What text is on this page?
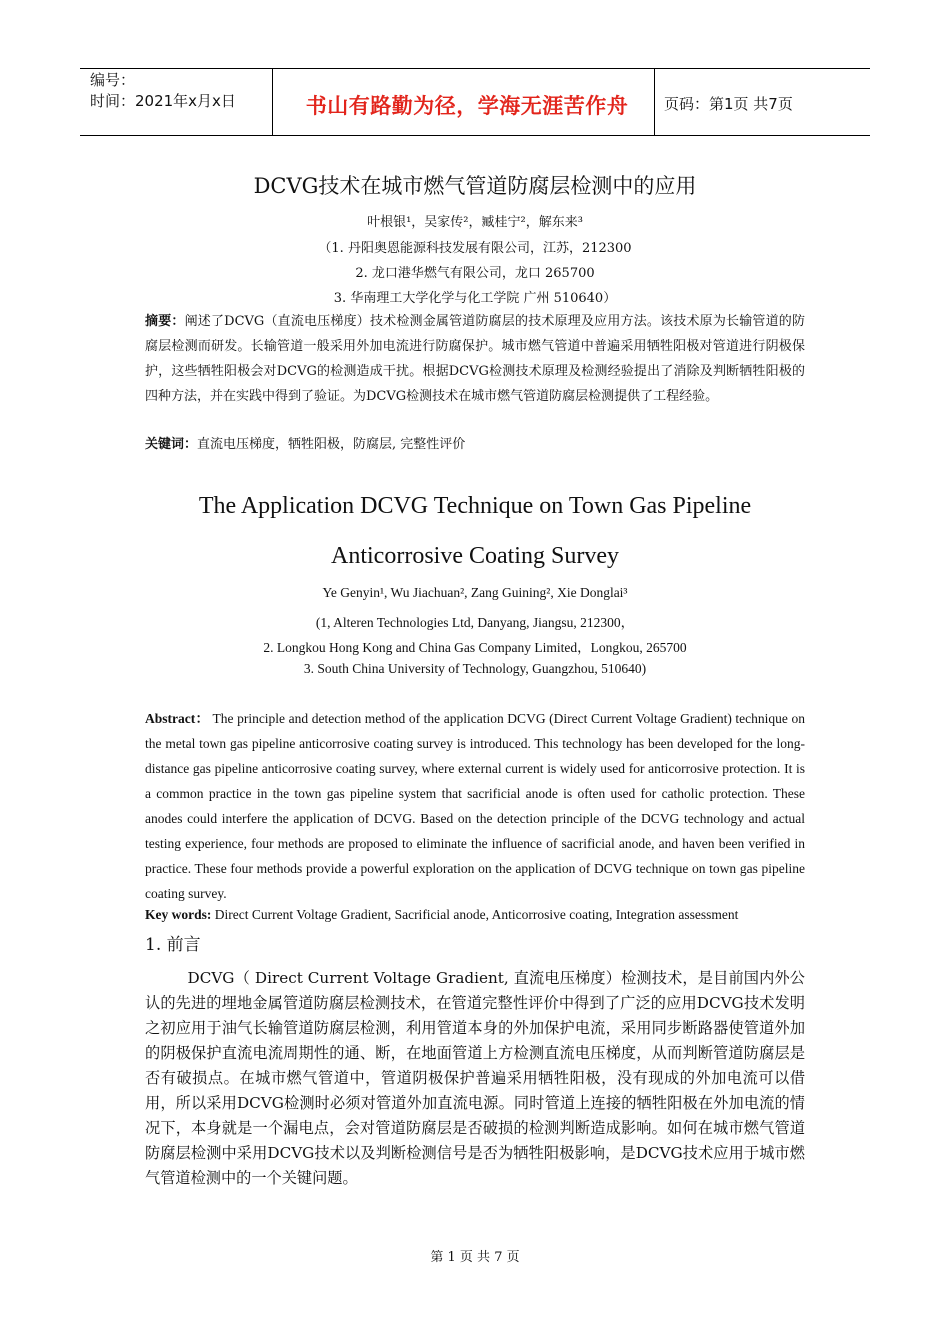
编号：
时间：2021年x月x日	书山有路勤为径，学海无涯苦作舟	页码：第1页 共7页
DCVG技术在城市燃气管道防腐层检测中的应用
叶根银¹，吴家传²，臧桂宁²，解东来³
（1. 丹阳奥恩能源科技发展有限公司，江苏，212300
2. 龙口港华燃气有限公司，龙口 265700
3. 华南理工大学化学与化工学院 广州 510640）
摘要：阐述了DCVG（直流电压梯度）技术检测金属管道防腐层的技术原理及应用方法。该技术原为长输管道的防腐层检测而研发。长输管道一般采用外加电流进行防腐保护。城市燃气管道中普遍采用牺牲阳极对管道进行阴极保护，这些牺牲阳极会对DCVG的检测造成干扰。根据DCVG检测技术原理及检测经验提出了消除及判断牺牲阳极的四种方法，并在实践中得到了验证。为DCVG检测技术在城市燃气管道防腐层检测提供了工程经验。
关键词：直流电压梯度，牺牲阳极，防腐层, 完整性评价
The Application DCVG Technique on Town Gas Pipeline
Anticorrosive Coating Survey
Ye Genyin¹, Wu Jiachuan², Zang Guining², Xie Donglai³
(1, Alteren Technologies Ltd, Danyang, Jiangsu, 212300，
2. Longkou Hong Kong and China Gas Company Limited，Longkou, 265700
3. South China University of Technology, Guangzhou, 510640)
Abstract： The principle and detection method of the application DCVG (Direct Current Voltage Gradient) technique on the metal town gas pipeline anticorrosive coating survey is introduced. This technology has been developed for the long-distance gas pipeline anticorrosive coating survey, where external current is widely used for anticorrosive protection. It is a common practice in the town gas pipeline system that sacrificial anode is often used for catholic protection. These anodes could interfere the application of DCVG. Based on the detection principle of the DCVG technology and actual testing experience, four methods are proposed to eliminate the influence of sacrificial anode, and haven been verified in practice. These four methods provide a powerful exploration on the application of DCVG technique on town gas pipeline coating survey.
Key words: Direct Current Voltage Gradient, Sacrificial anode, Anticorrosive coating, Integration assessment
1. 前言
DCVG（ Direct Current Voltage Gradient, 直流电压梯度）检测技术，是目前国内外公认的先进的埋地金属管道防腐层检测技术，在管道完整性评价中得到了广泛的应用DCVG技术发明之初应用于油气长输管道防腐层检测，利用管道本身的外加保护电流，采用同步断路器使管道外加的阴极保护直流电流周期性的通、断，在地面管道上方检测直流电压梯度，从而判断管道防腐层是否有破损点。在城市燃气管道中，管道阴极保护普遍采用牺牲阳极，没有现成的外加电流可以借用，所以采用DCVG检测时必须对管道外加直流电源。同时管道上连接的牺牲阳极在外加电流的情况下，本身就是一个漏电点，会对管道防腐层是否破损的检测判断造成影响。如何在城市燃气管道防腐层检测中采用DCVG技术以及判断检测信号是否为牺牲阳极影响，是DCVG技术应用于城市燃气管道检测中的一个关键问题。
第 1 页 共 7 页
